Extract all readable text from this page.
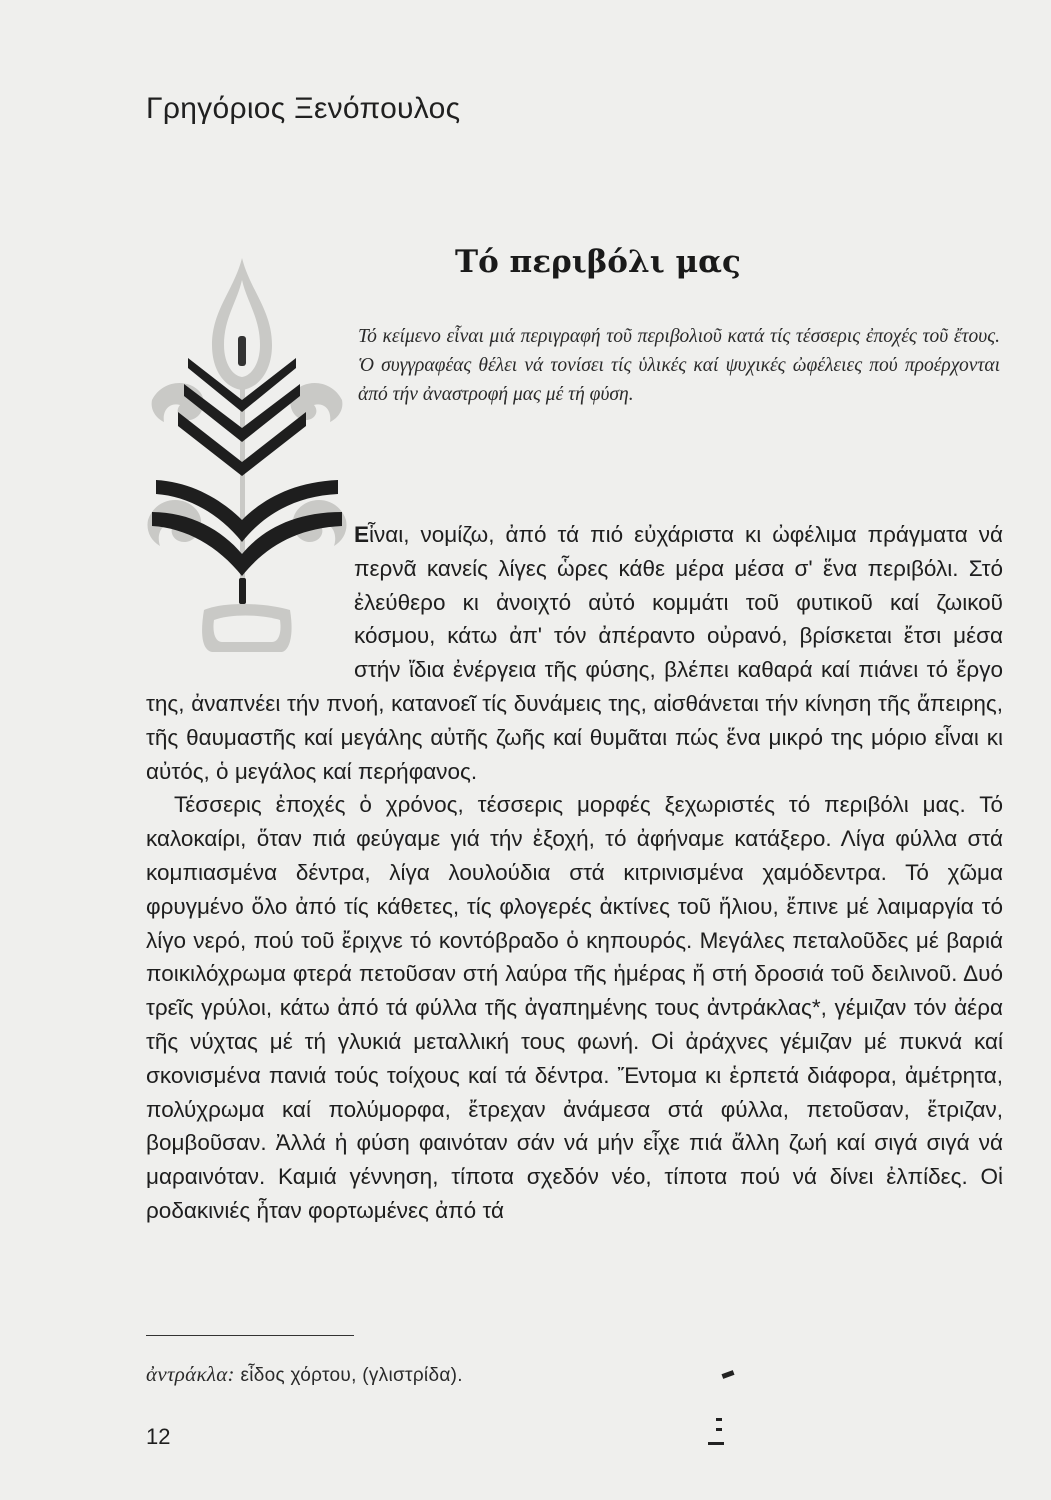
Γρηγόριος Ξενόπουλος
Τό περιβόλι μας

Τό κείμενο εἶναι μιά περιγραφή τοῦ περιβολιοῦ κατά τίς τέσσερις ἐποχές τοῦ ἔτους. Ὁ συγγραφέας θέλει νά τονίσει τίς ὑλικές καί ψυχικές ὠφέλειες πού προέρχονται ἀπό τήν ἀναστροφή μας μέ τή φύση.

Εἶναι, νομίζω, ἀπό τά πιό εὐχάριστα κι ὠφέλιμα πράγματα νά περνᾶ κανείς λίγες ὧρες κάθε μέρα μέσα σ' ἕνα περιβόλι. Στό ἐλεύθερο κι ἀνοιχτό αὐτό κομμάτι τοῦ φυτικοῦ καί ζωικοῦ κόσμου, κάτω ἀπ' τόν ἀπέραντο οὐρανό, βρίσκεται ἔτσι μέσα στήν ἴδια ἐνέργεια τῆς φύσης, βλέπει καθαρά καί πιάνει τό ἔργο της, ἀναπνέει τήν πνοή, κατανοεῖ τίς δυνάμεις της, αἰσθάνεται τήν κίνηση τῆς ἄπειρης, τῆς θαυμαστῆς καί μεγάλης αὐτῆς ζωῆς καί θυμᾶται πώς ἕνα μικρό της μόριο εἶναι κι αὐτός, ὁ μεγάλος καί περήφανος.

Τέσσερις ἐποχές ὁ χρόνος, τέσσερις μορφές ξεχωριστές τό περιβόλι μας. Τό καλοκαίρι, ὅταν πιά φεύγαμε γιά τήν ἐξοχή, τό ἀφήναμε κατάξερο. Λίγα φύλλα στά κομπιασμένα δέντρα, λίγα λουλούδια στά κιτρινισμένα χαμόδεντρα. Τό χῶμα φρυγμένο ὅλο ἀπό τίς κάθετες, τίς φλογερές ἀκτίνες τοῦ ἥλιου, ἔπινε μέ λαιμαργία τό λίγο νερό, πού τοῦ ἔριχνε τό κοντόβραδο ὁ κηπουρός. Μεγάλες πεταλοῦδες μέ βαριά ποικιλόχρωμα φτερά πετοῦσαν στή λαύρα τῆς ἡμέρας ἤ στή δροσιά τοῦ δειλινοῦ. Δυό τρεῖς γρύλοι, κάτω ἀπό τά φύλλα τῆς ἀγαπημένης τους ἀντράκλας*, γέμιζαν τόν ἀέρα τῆς νύχτας μέ τή γλυκιά μεταλλική τους φωνή. Οἱ ἀράχνες γέμιζαν μέ πυκνά καί σκονισμένα πανιά τούς τοίχους καί τά δέντρα. Ἔντομα κι ἑρπετά διάφορα, ἀμέτρητα, πολύχρωμα καί πολύμορφα, ἔτρεχαν ἀνάμεσα στά φύλλα, πετοῦσαν, ἔτριζαν, βομβοῦσαν. Ἀλλά ἡ φύση φαινόταν σάν νά μήν εἶχε πιά ἄλλη ζωή καί σιγά σιγά νά μαραινόταν. Καμιά γέννηση, τίποτα σχεδόν νέο, τίποτα πού νά δίνει ἐλπίδες. Οἱ ροδακινιές ἦταν φορτωμένες ἀπό τά

ἀντράκλα: εἶδος χόρτου, (γλιστρίδα).
12
